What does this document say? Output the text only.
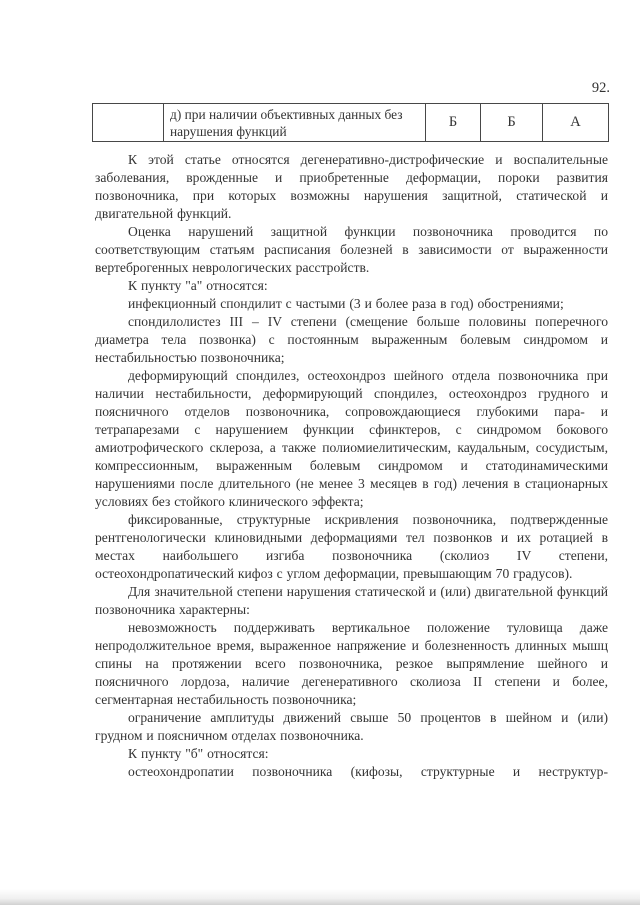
92.
	д) при наличии объективных данных без нарушения функций	Б	Б	А

К этой статье относятся дегенеративно-дистрофические и воспалительные заболевания, врожденные и приобретенные деформации, пороки развития позвоночника, при которых возможны нарушения защитной, статической и двигательной функций.

Оценка нарушений защитной функции позвоночника проводится по соответствующим статьям расписания болезней в зависимости от выраженности вертеброгенных неврологических расстройств.

К пункту "а" относятся:

инфекционный спондилит с частыми (3 и более раза в год) обострениями;

спондилолистез III – IV степени (смещение больше половины поперечного диаметра тела позвонка) с постоянным выраженным болевым синдромом и нестабильностью позвоночника;

деформирующий спондилез, остеохондроз шейного отдела позвоночника при наличии нестабильности, деформирующий спондилез, остеохондроз грудного и поясничного отделов позвоночника, сопровождающиеся глубокими пара- и тетрапарезами с нарушением функции сфинктеров, с синдромом бокового амиотрофического склероза, а также полиомиелитическим, каудальным, сосудистым, компрессионным, выраженным болевым синдромом и статодинамическими нарушениями после длительного (не менее 3 месяцев в год) лечения в стационарных условиях без стойкого клинического эффекта;

фиксированные, структурные искривления позвоночника, подтвержденные рентгенологически клиновидными деформациями тел позвонков и их ротацией в местах наибольшего изгиба позвоночника (сколиоз IV степени, остеохондропатический кифоз с углом деформации, превышающим 70 градусов).

Для значительной степени нарушения статической и (или) двигательной функций позвоночника характерны:

невозможность поддерживать вертикальное положение туловища даже непродолжительное время, выраженное напряжение и болезненность длинных мышц спины на протяжении всего позвоночника, резкое выпрямление шейного и поясничного лордоза, наличие дегенеративного сколиоза II степени и более, сегментарная нестабильность позвоночника;

ограничение амплитуды движений свыше 50 процентов в шейном и (или) грудном и поясничном отделах позвоночника.

К пункту "б" относятся:

остеохондропатии позвоночника (кифозы, структурные и неструктур-
